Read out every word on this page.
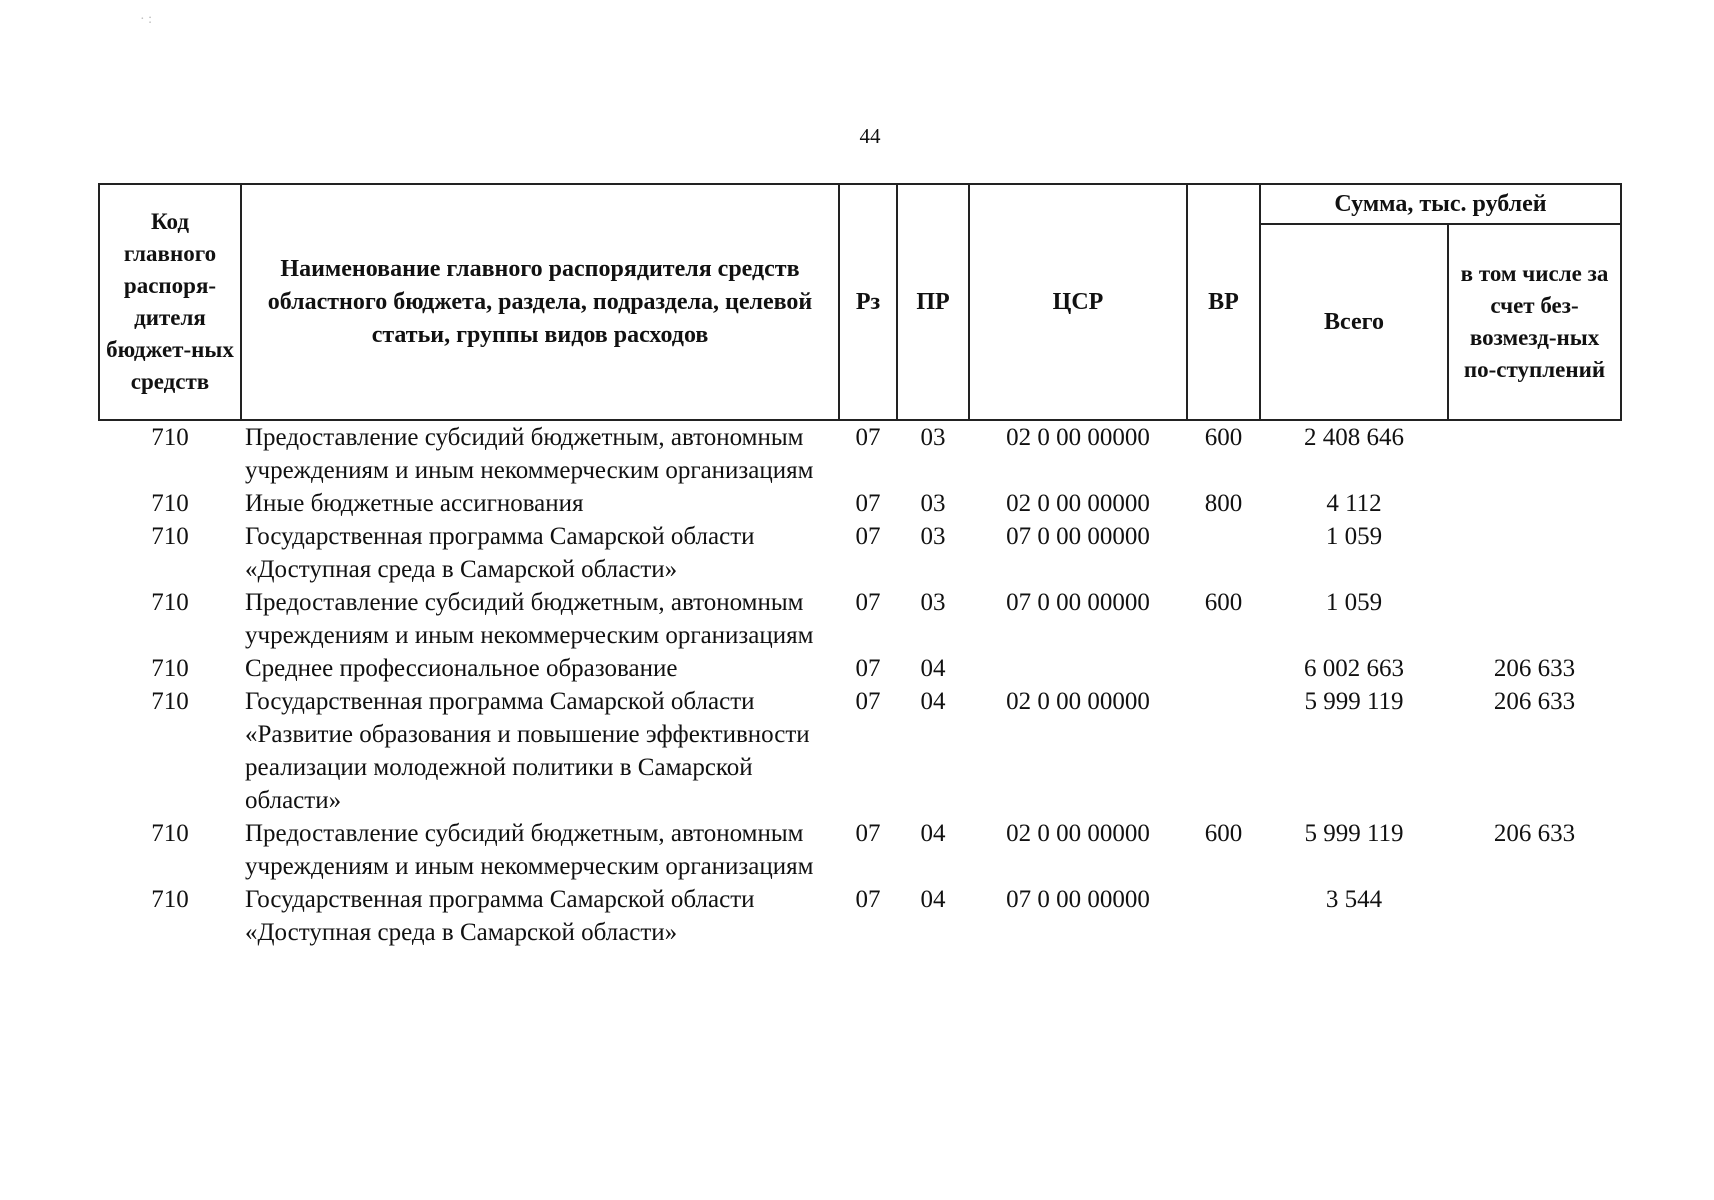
44
Код главного распоря-дителя бюджет-ных средств	Наименование главного распорядителя средств областного бюджета, раздела, подраздела, целевой статьи, группы видов расходов	Рз	ПР	ЦСР	ВР	Сумма, тыс. рублей	
						Всего	в том числе за счет без-возмезд-ных по-ступлений
710	Предоставление субсидий бюджетным, автономным учреждениям и иным некоммерческим организациям	07	03	02 0 00 00000	600	2 408 646	
710	Иные бюджетные ассигнования	07	03	02 0 00 00000	800	4 112	
710	Государственная программа Самарской области «Доступная среда в Самарской области»	07	03	07 0 00 00000		1 059	
710	Предоставление субсидий бюджетным, автономным учреждениям и иным некоммерческим организациям	07	03	07 0 00 00000	600	1 059	
710	Среднее профессиональное образование	07	04			6 002 663	206 633
710	Государственная программа Самарской области «Развитие образования и повышение эффективности реализации молодежной политики в Самарской области»	07	04	02 0 00 00000		5 999 119	206 633
710	Предоставление субсидий бюджетным, автономным учреждениям и иным некоммерческим организациям	07	04	02 0 00 00000	600	5 999 119	206 633
710	Государственная программа Самарской области «Доступная среда в Самарской области»	07	04	07 0 00 00000		3 544	
· :
